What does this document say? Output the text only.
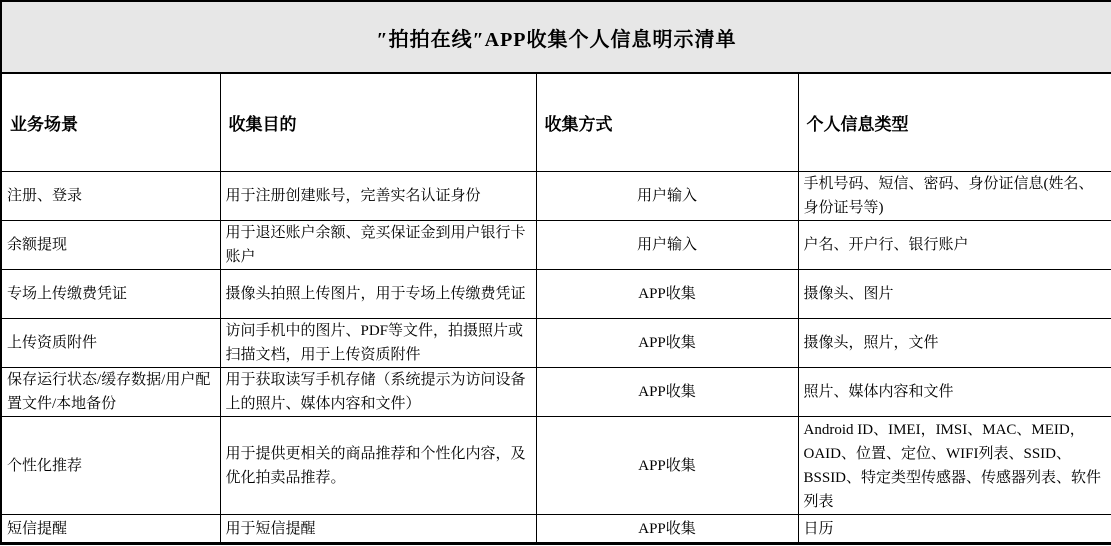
″拍拍在线″APP收集个人信息明示清单			
业务场景	收集目的	收集方式	个人信息类型
注册、登录	用于注册创建账号，完善实名认证身份	用户输入	手机号码、短信、密码、身份证信息(姓名、身份证号等)
余额提现	用于退还账户余额、竞买保证金到用户银行卡账户	用户输入	户名、开户行、银行账户
专场上传缴费凭证	摄像头拍照上传图片，用于专场上传缴费凭证	APP收集	摄像头、图片
上传资质附件	访问手机中的图片、PDF等文件，拍摄照片或扫描文档，用于上传资质附件	APP收集	摄像头，照片，文件
保存运行状态/缓存数据/用户配置文件/本地备份	用于获取读写手机存储（系统提示为访问设备上的照片、媒体内容和文件）	APP收集	照片、媒体内容和文件
个性化推荐	用于提供更相关的商品推荐和个性化内容，及优化拍卖品推荐。	APP收集	Android ID、IMEI，IMSI、MAC、MEID， OAID、位置、定位、WIFI列表、SSID、BSSID、特定类型传感器、传感器列表、软件列表
短信提醒	用于短信提醒	APP收集	日历
